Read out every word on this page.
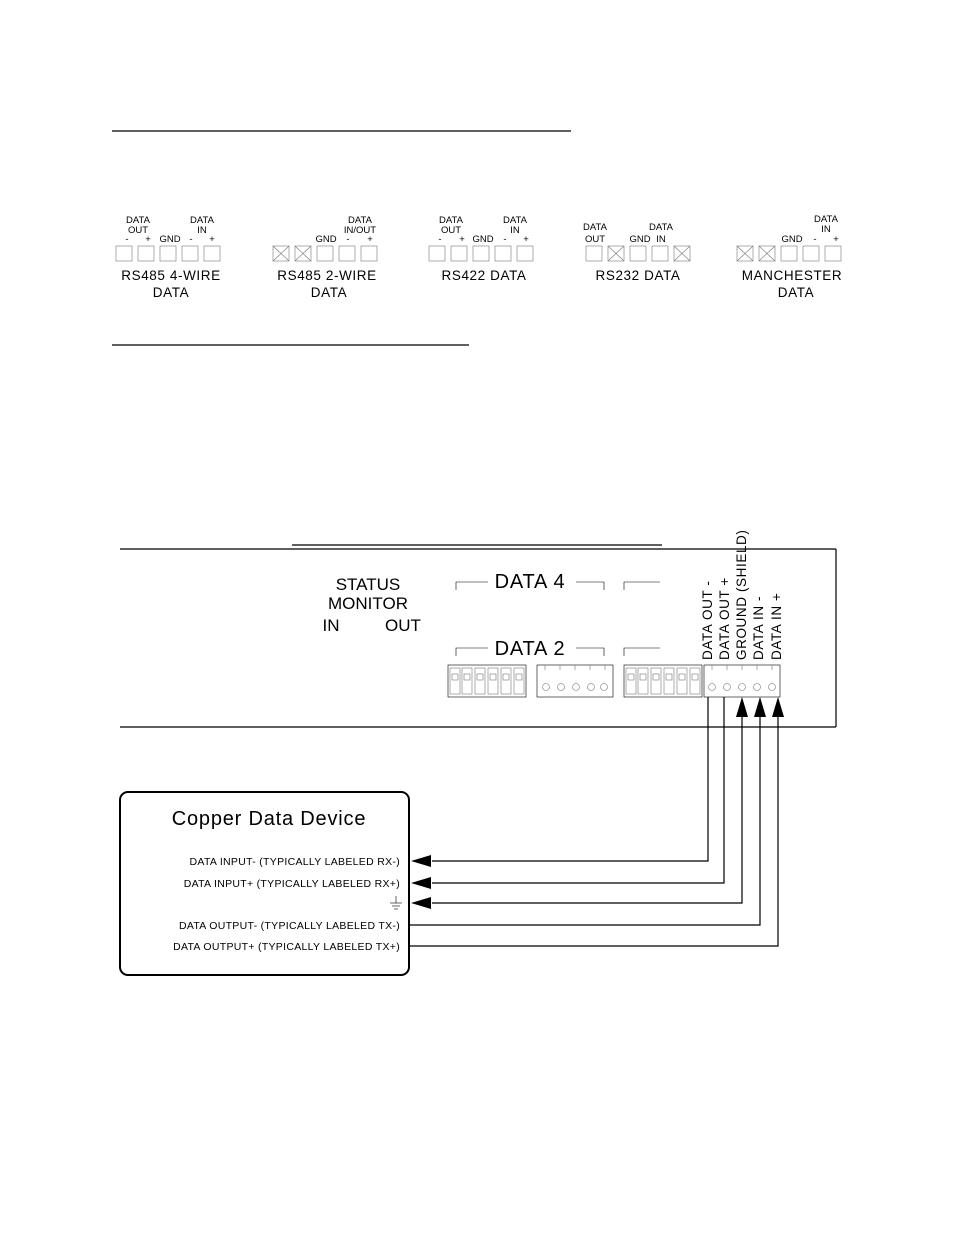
DATA
OUT
- + GND
DATA
IN
- +
RS485 4-WIRE
DATA
GND
DATA
IN/OUT
- +
RS485 2-WIRE
DATA
DATA
OUT
- + GND
DATA
IN
- +
RS422 DATA
DATA
OUT	GND
DATA
IN
RS232 DATA
GND
DATA
IN
- +
MANCHESTER
DATA
STATUS
MONITOR
IN	OUT
DATA 4
DATA 2	DATA OUT - DATA OUT + GROUND (SHIELD) DATA IN - DATA IN +
Copper Data Device
DATA INPUT- (TYPICALLY LABELED RX-)
DATA INPUT+ (TYPICALLY LABELED RX+)
DATA OUTPUT- (TYPICALLY LABELED TX-)
DATA OUTPUT+ (TYPICALLY LABELED TX+)
